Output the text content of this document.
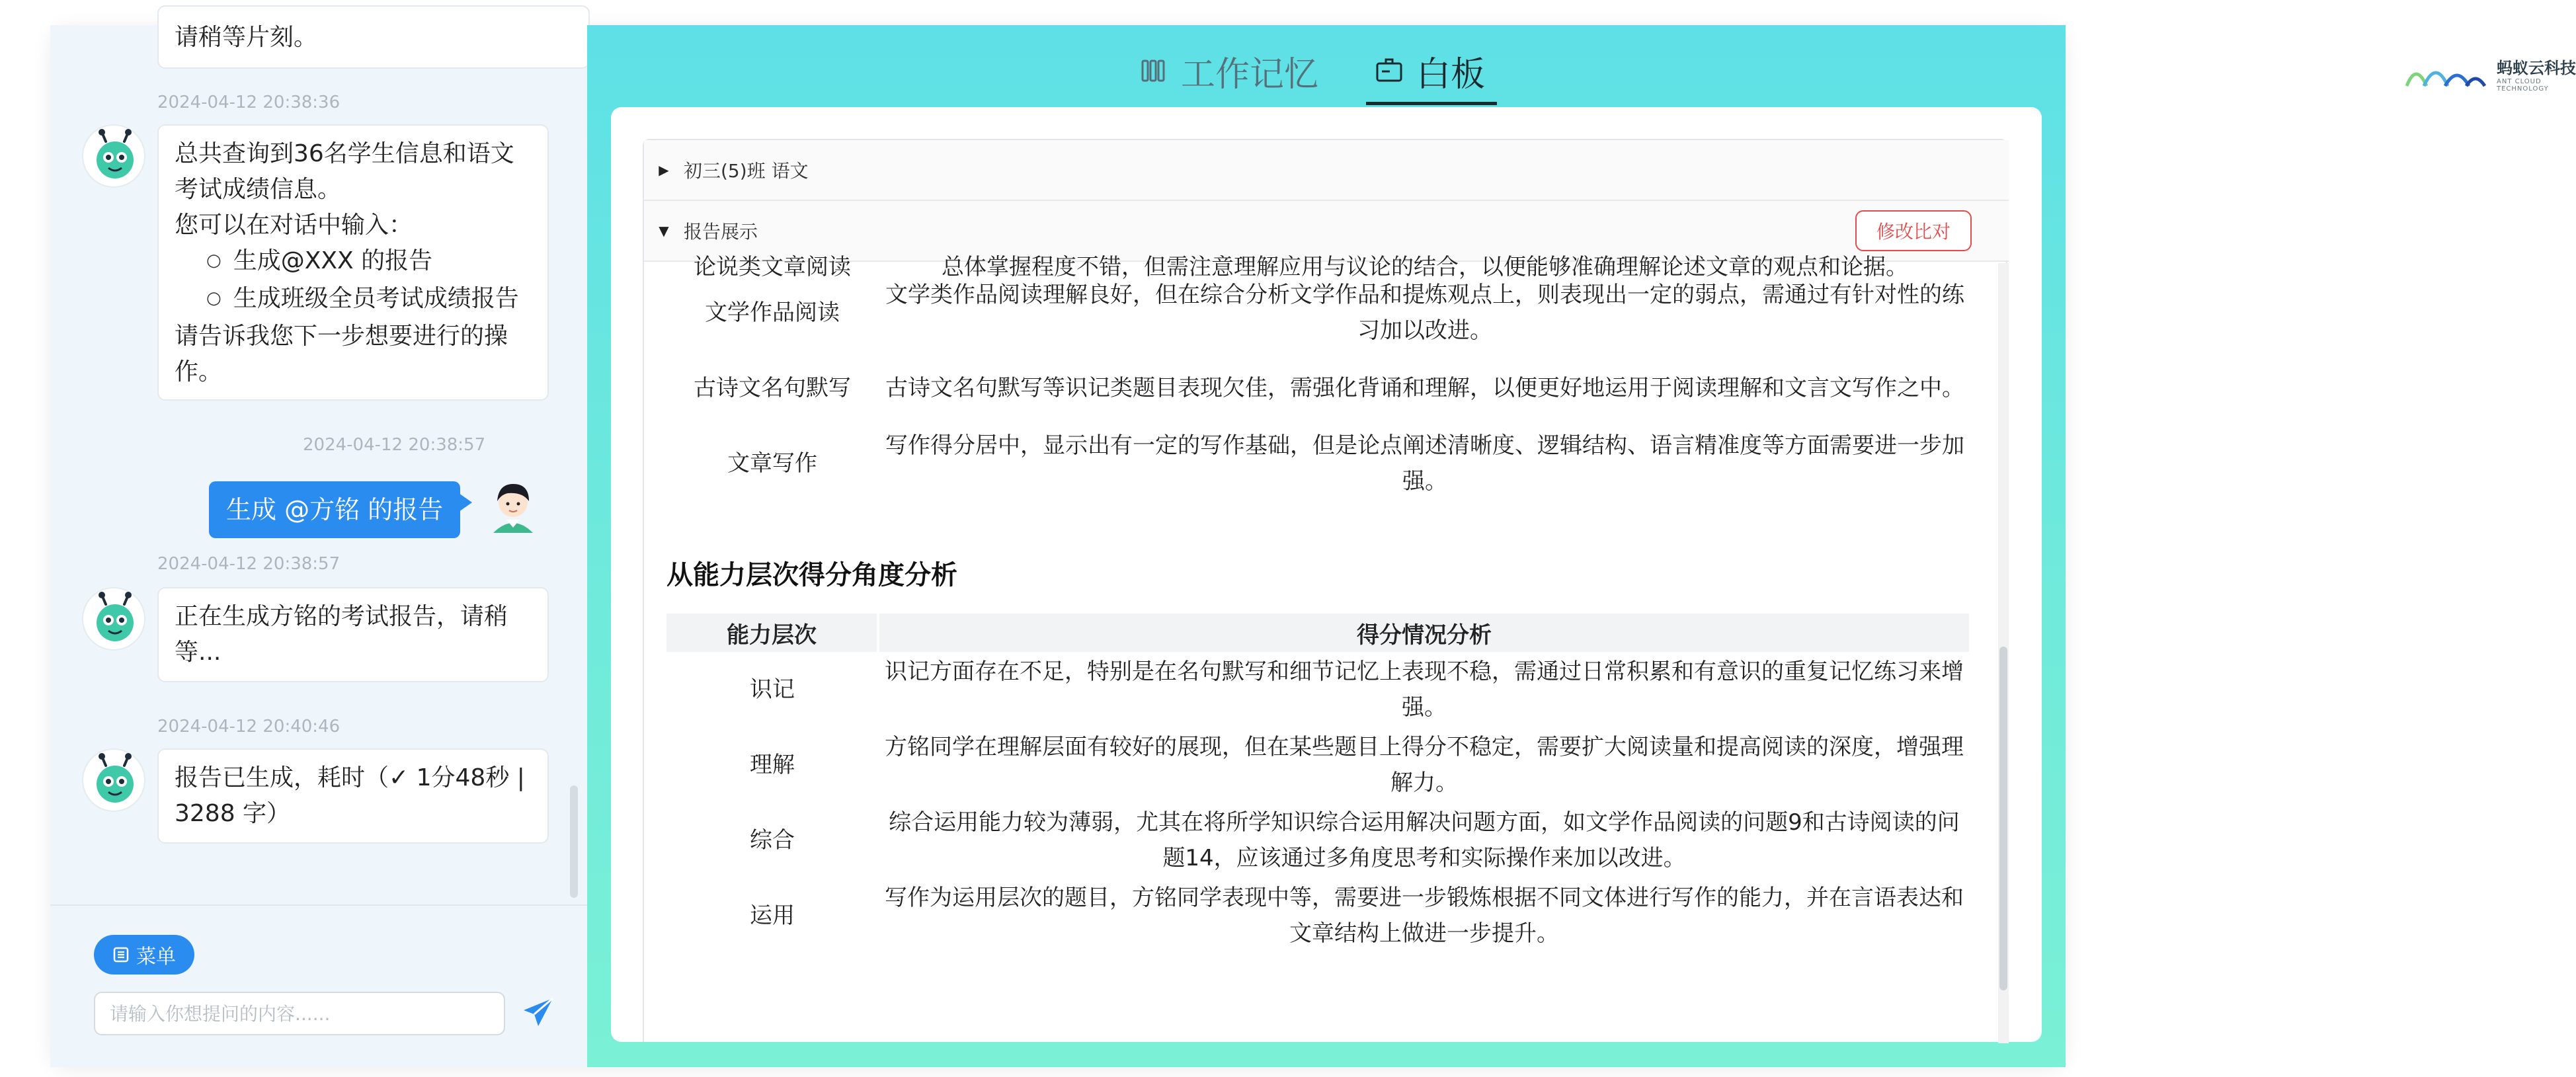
请稍等片刻。
2024-04-12 20:38:36
总共查询到36名学生信息和语文考试成绩信息。
您可以在对话中输入：
○ 生成@XXX 的报告
○ 生成班级全员考试成绩报告
请告诉我您下一步想要进行的操作。
2024-04-12 20:38:57
生成 @方铭 的报告
2024-04-12 20:38:57
正在生成方铭的考试报告，请稍等...
2024-04-12 20:40:46
报告已生成，耗时（✓ 1分48秒 | 3288 字）
菜单
请输入你想提问的内容......
工作记忆	白板	蚂蚁云科技
ANT CLOUD TECHNOLOGY
▶ 初三(5)班 语文
▼ 报告展示	修改比对
论说类文章阅读	总体掌握程度不错，但需注意理解应用与议论的结合，以便能够准确理解论述文章的观点和论据。
文学作品阅读	文学类作品阅读理解良好，但在综合分析文学作品和提炼观点上，则表现出一定的弱点，需通过有针对性的练习加以改进。
古诗文名句默写	古诗文名句默写等识记类题目表现欠佳，需强化背诵和理解，以便更好地运用于阅读理解和文言文写作之中。
文章写作	写作得分居中，显示出有一定的写作基础，但是论点阐述清晰度、逻辑结构、语言精准度等方面需要进一步加强。
从能力层次得分角度分析
能力层次	得分情况分析
识记	识记方面存在不足，特别是在名句默写和细节记忆上表现不稳，需通过日常积累和有意识的重复记忆练习来增强。
理解	方铭同学在理解层面有较好的展现，但在某些题目上得分不稳定，需要扩大阅读量和提高阅读的深度，增强理解力。
综合	综合运用能力较为薄弱，尤其在将所学知识综合运用解决问题方面，如文学作品阅读的问题9和古诗阅读的问题14，应该通过多角度思考和实际操作来加以改进。
运用	写作为运用层次的题目，方铭同学表现中等，需要进一步锻炼根据不同文体进行写作的能力，并在言语表达和文章结构上做进一步提升。
